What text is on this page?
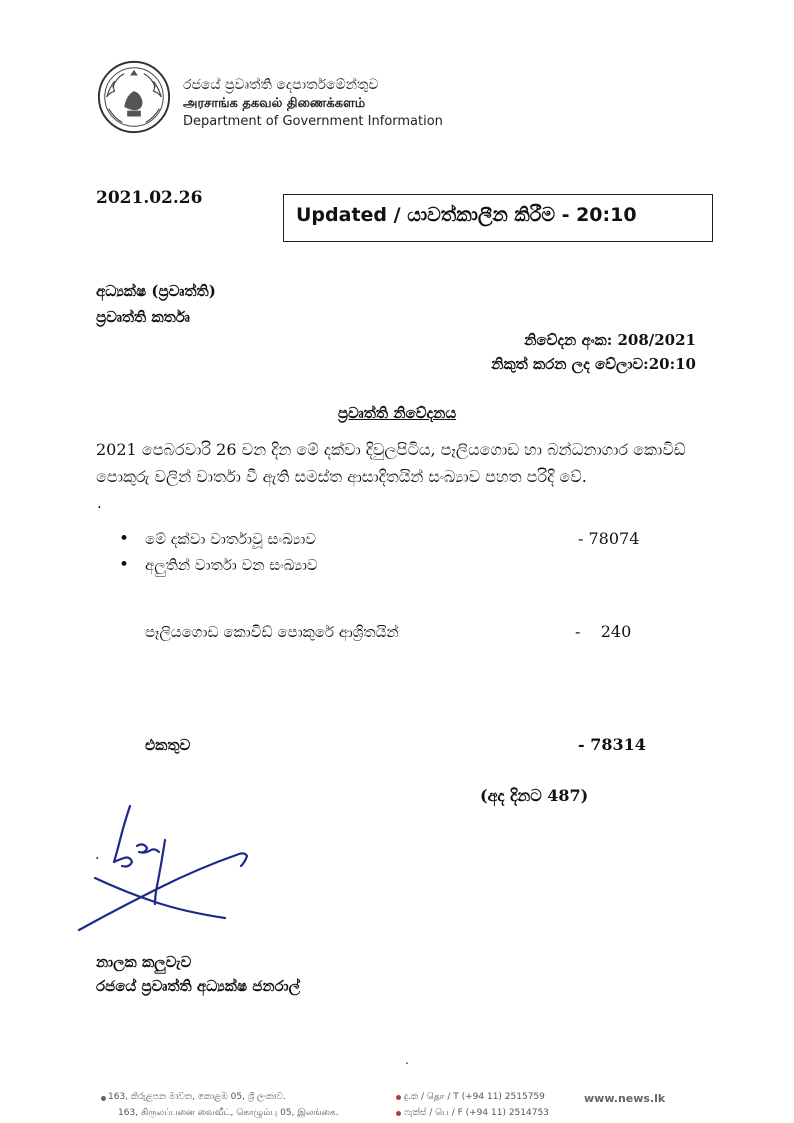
රජයේ ප්‍රවෘත්ති දෙපාර්තමේන්තුව
அரசாங்க தகவல் திணைக்களம்
Department of Government Information
2021.02.26
Updated / යාවත්කාලීන කිරීම - 20:10
අධ්‍යක්ෂ (ප්‍රවෘත්ති)
ප්‍රවෘත්ති කර්තෘ
නිවේදන අංක: 208/2021
නිකුත් කරන ලද වේලාව:20:10
ප්‍රවෘත්ති නිවේදනය
2021 පෙබරවාරි 26 වන දින මේ දක්වා දිවුලපිටිය, පෑලියගොඩ හා බන්ධනාගාර කොවිඩ් පොකුරු වලින් වාර්තා වී ඇති සමස්ත ආසාදිතයින් සංඛ්‍යාව පහත පරිදි වේ.
.
• මේ දක්වා වාර්තාවූ සංඛ්‍යාව	- 78074
• අලුතින් වාර්තා වන සංඛ්‍යාව
පෑලියගොඩ කොවිඩ් පොකුරේ ආශ්‍රිතයින්	-    240
එකතුව	- 78314
(අද දිනට 487)
.
නාලක කලුවැව
රජයේ ප්‍රවෘත්ති අධ්‍යක්ෂ ජනරාල්
.
163, කිරුළපන මාවත, කොළඹ 05, ශ්‍රී ලංකාව.
163, கிருலப்பனை வைவீட், கொழும்பு 05, இலங்கை.
දු.ක / தொ / T (+94 11) 2515759
ෆැක්ස් / பெ / F (+94 11) 2514753
www.news.lk
